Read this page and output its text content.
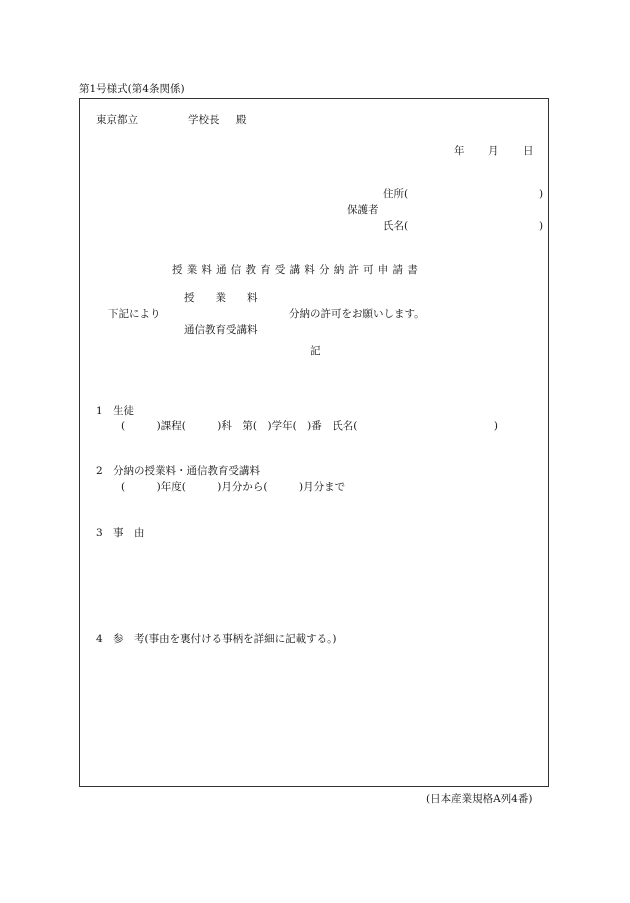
第1号様式(第4条関係)
東京都立	学校長 殿
年 月 日
住所(	)
保護者
氏名(	)
授業料通信教育受講料分納許可申請書
授　　業　　料
下記により	分納の許可をお願いします。
通信教育受講料
記
1 生徒
(　　　)課程(　　　)科　第(　)学年(　)番　氏名(　　　　　　　　　　　　　)
2 分納の授業料・通信教育受講料
(　　　)年度(　　　)月分から(　　　)月分まで
3 事　由
4 参　考(事由を裏付ける事柄を詳細に記載する。)
(日本産業規格A列4番)
